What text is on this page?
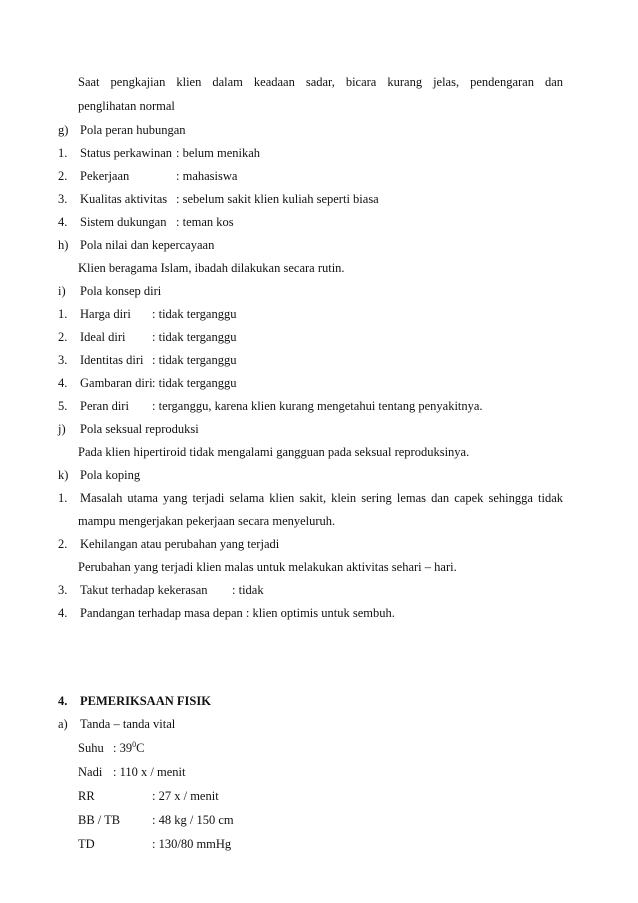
Saat pengkajian klien dalam keadaan sadar, bicara kurang jelas, pendengaran dan
penglihatan normal
g) Pola peran hubungan
1. Status perkawinan : belum menikah
2. Pekerjaan	: mahasiswa
3. Kualitas aktivitas : sebelum sakit klien kuliah seperti biasa
4. Sistem dukungan : teman kos
h) Pola nilai dan kepercayaan
Klien beragama Islam, ibadah dilakukan secara rutin.
i) Pola konsep diri
1. Harga diri : tidak terganggu
2. Ideal diri : tidak terganggu
3. Identitas diri : tidak terganggu
4. Gambaran diri : tidak terganggu
5. Peran diri : terganggu, karena klien kurang mengetahui tentang penyakitnya.
j) Pola seksual reproduksi
Pada klien hipertiroid tidak mengalami gangguan pada seksual reproduksinya.
k) Pola koping
1. Masalah utama yang terjadi selama klien sakit, klein sering lemas dan capek sehingga tidak
mampu mengerjakan pekerjaan secara menyeluruh.
2. Kehilangan atau perubahan yang terjadi
Perubahan yang terjadi klien malas untuk melakukan aktivitas sehari – hari.
3. Takut terhadap kekerasan : tidak
4. Pandangan terhadap masa depan : klien optimis untuk sembuh.
4. PEMERIKSAAN FISIK
a) Tanda – tanda vital
Suhu : $39^0C$
Nadi : 110 x / menit
RR	: 27 x / menit
BB / TB	: 48 kg / 150 cm
TD	: 130/80 mmHg
